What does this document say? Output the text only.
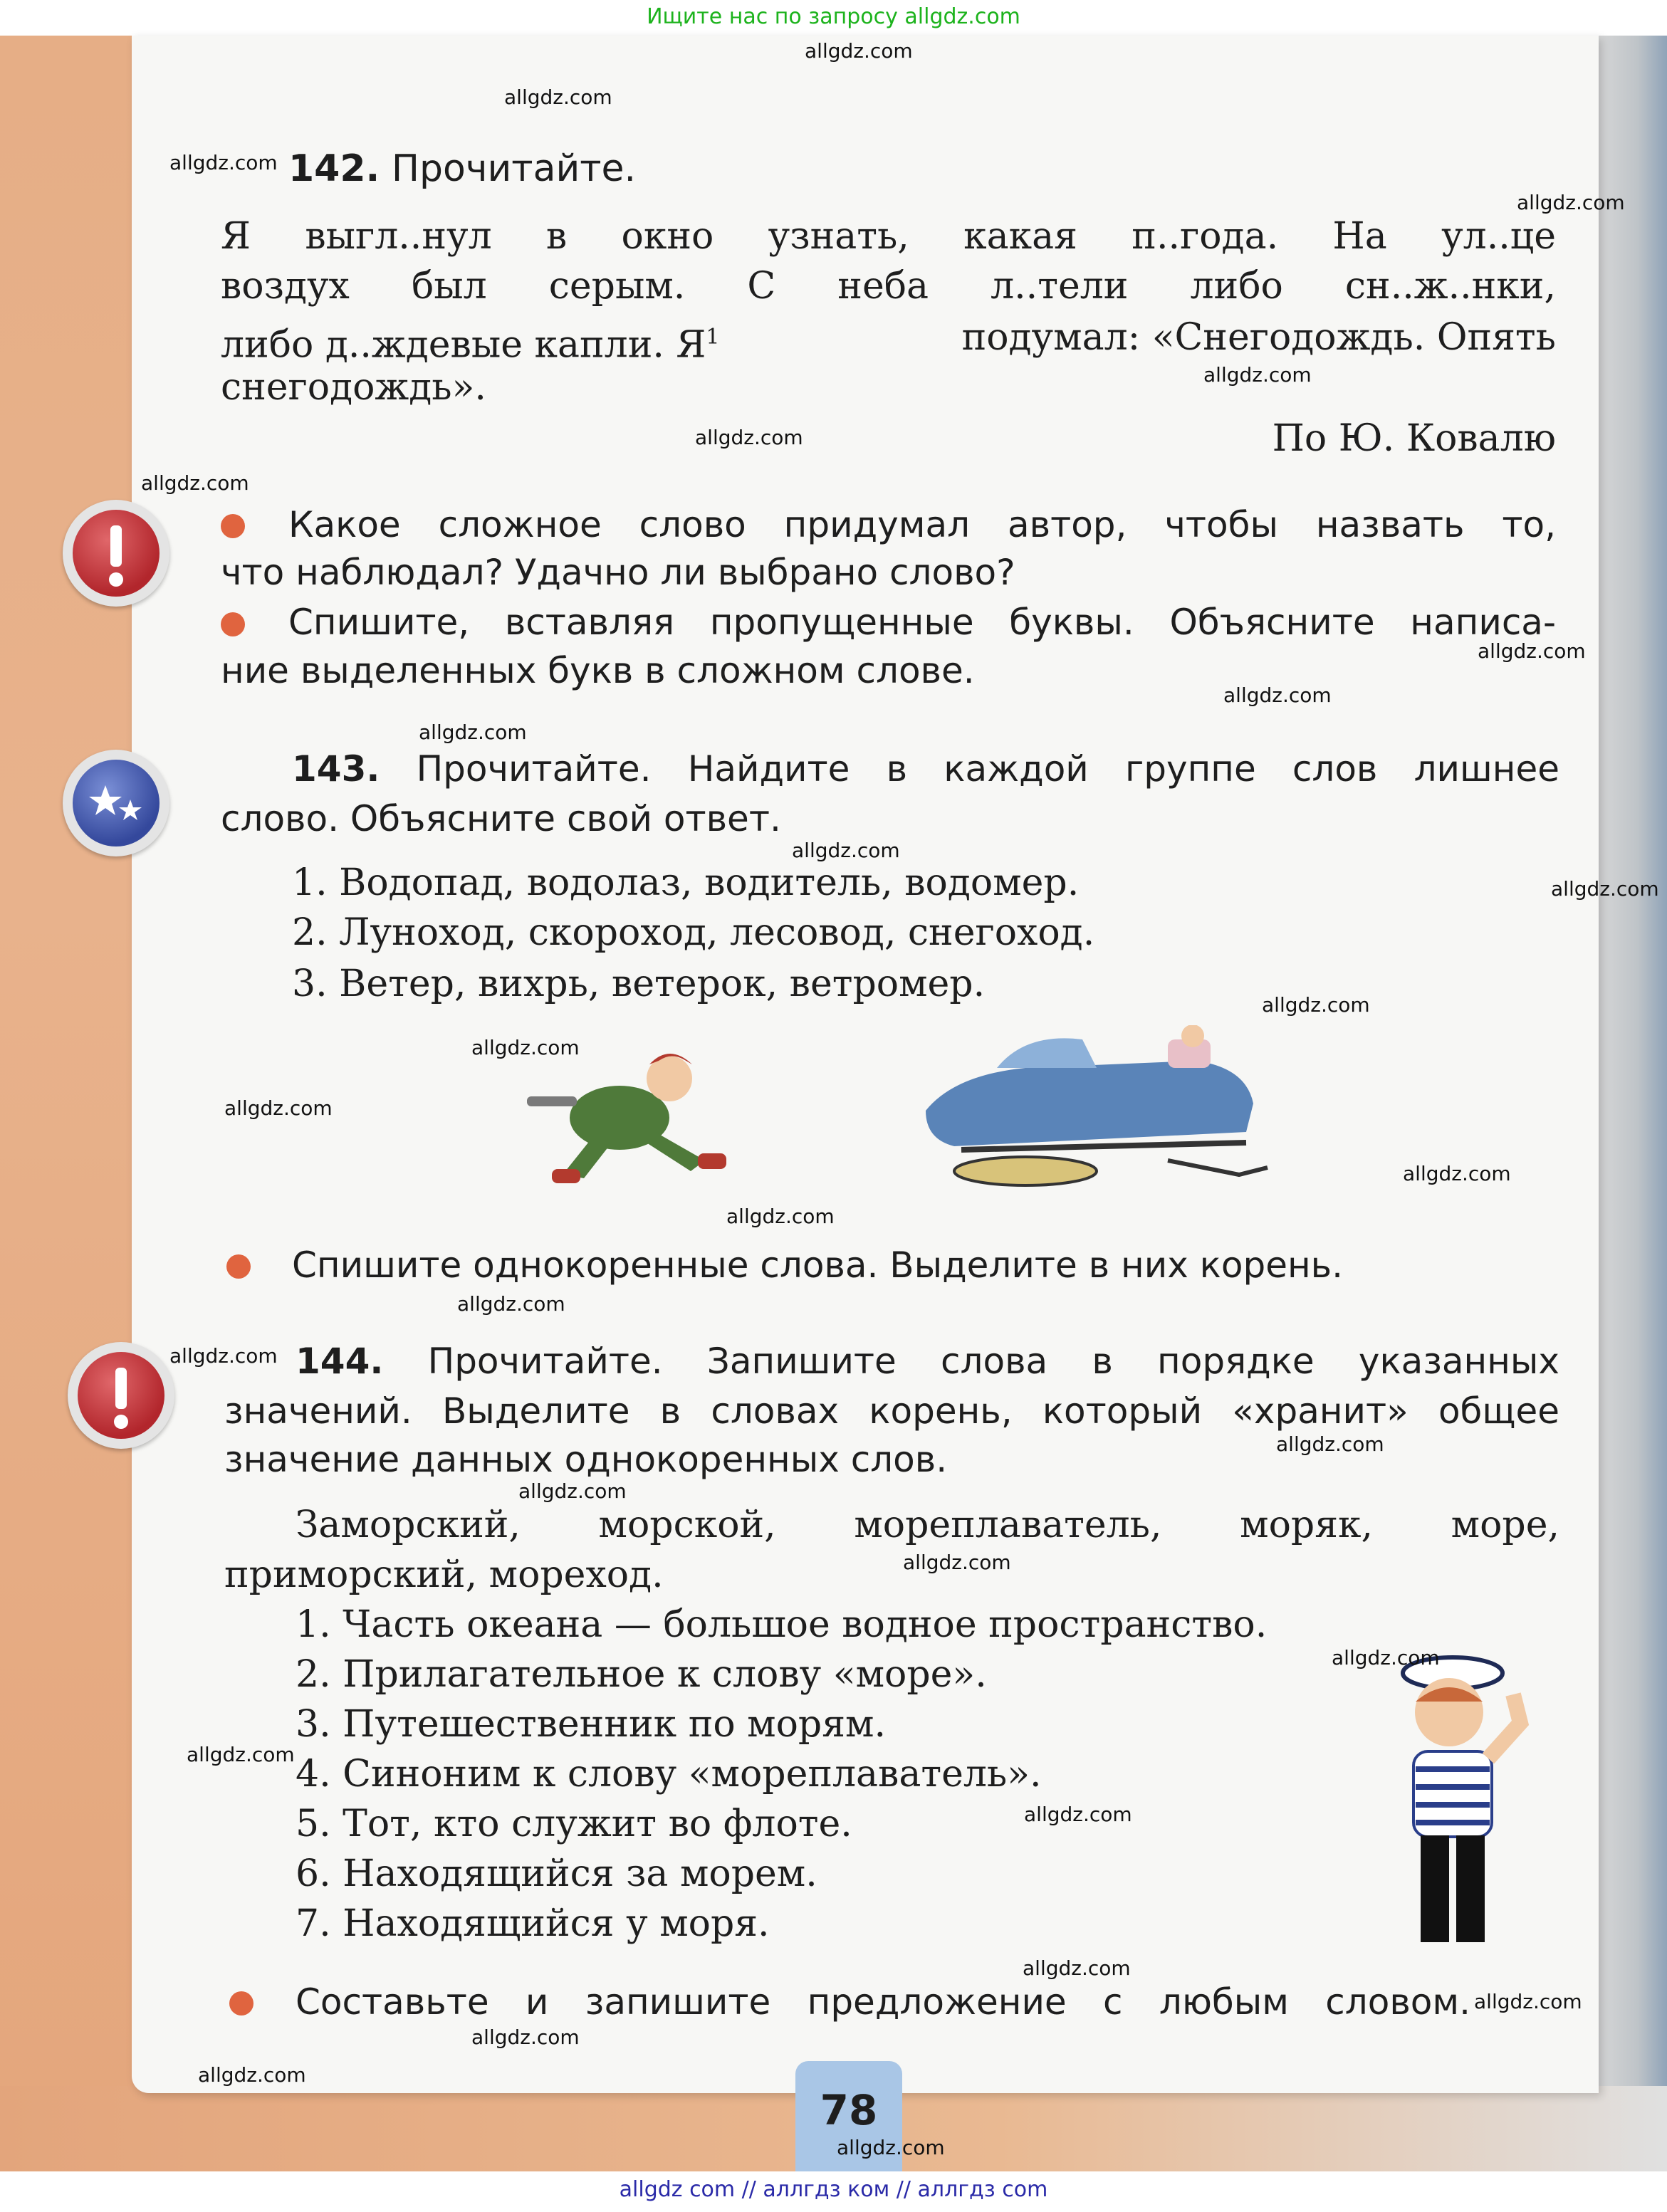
Ищите нас по запросу allgdz.com
142. Прочитайте.
Я выгл..нул в окно узнать, какая п..года. На ул..це
воздух был серым. С неба л..тели либо сн..ж..нки,
либо д..ждевые капли. $Я^1$	подумал: «Снегодождь. Опять
снегодождь».
По Ю. Ковалю
Какое сложное слово придумал автор, чтобы назвать то,
что наблюдал? Удачно ли выбрано слово?
Спишите, вставляя пропущенные буквы. Объясните написа-
ние выделенных букв в сложном слове.
143. Прочитайте. Найдите в каждой группе слов лишнее
слово. Объясните свой ответ.
1. Водопад, водолаз, водитель, водомер.
2. Луноход, скороход, лесовод, снегоход.
3. Ветер, вихрь, ветерок, ветромер.
Спишите однокоренные слова. Выделите в них корень.
144. Прочитайте. Запишите слова в порядке указанных
значений. Выделите в словах корень, который «хранит» общее
значение данных однокоренных слов.
Заморский, морской, мореплаватель, моряк, море,
приморский, мореход.
1. Часть океана — большое водное пространство.
2. Прилагательное к слову «море».
3. Путешественник по морям.
4. Синоним к слову «мореплаватель».
5. Тот, кто служит во флоте.
6. Находящийся за морем.
7. Находящийся у моря.
Составьте и запишите предложение с любым словом.
78
allgdz.com
allgdz.com
allgdz.com
allgdz.com
allgdz.com
allgdz.com
allgdz.com
allgdz.com
allgdz.com
allgdz.com
allgdz.com
allgdz.com
allgdz.com
allgdz.com
allgdz.com
allgdz.com
allgdz.com
allgdz.com
allgdz.com
allgdz.com
allgdz.com
allgdz.com
allgdz.com
allgdz.com
allgdz.com
allgdz.com
allgdz.com
allgdz.com
allgdz.com
allgdz.com
allgdz com // аллгдз ком // аллгдз com
